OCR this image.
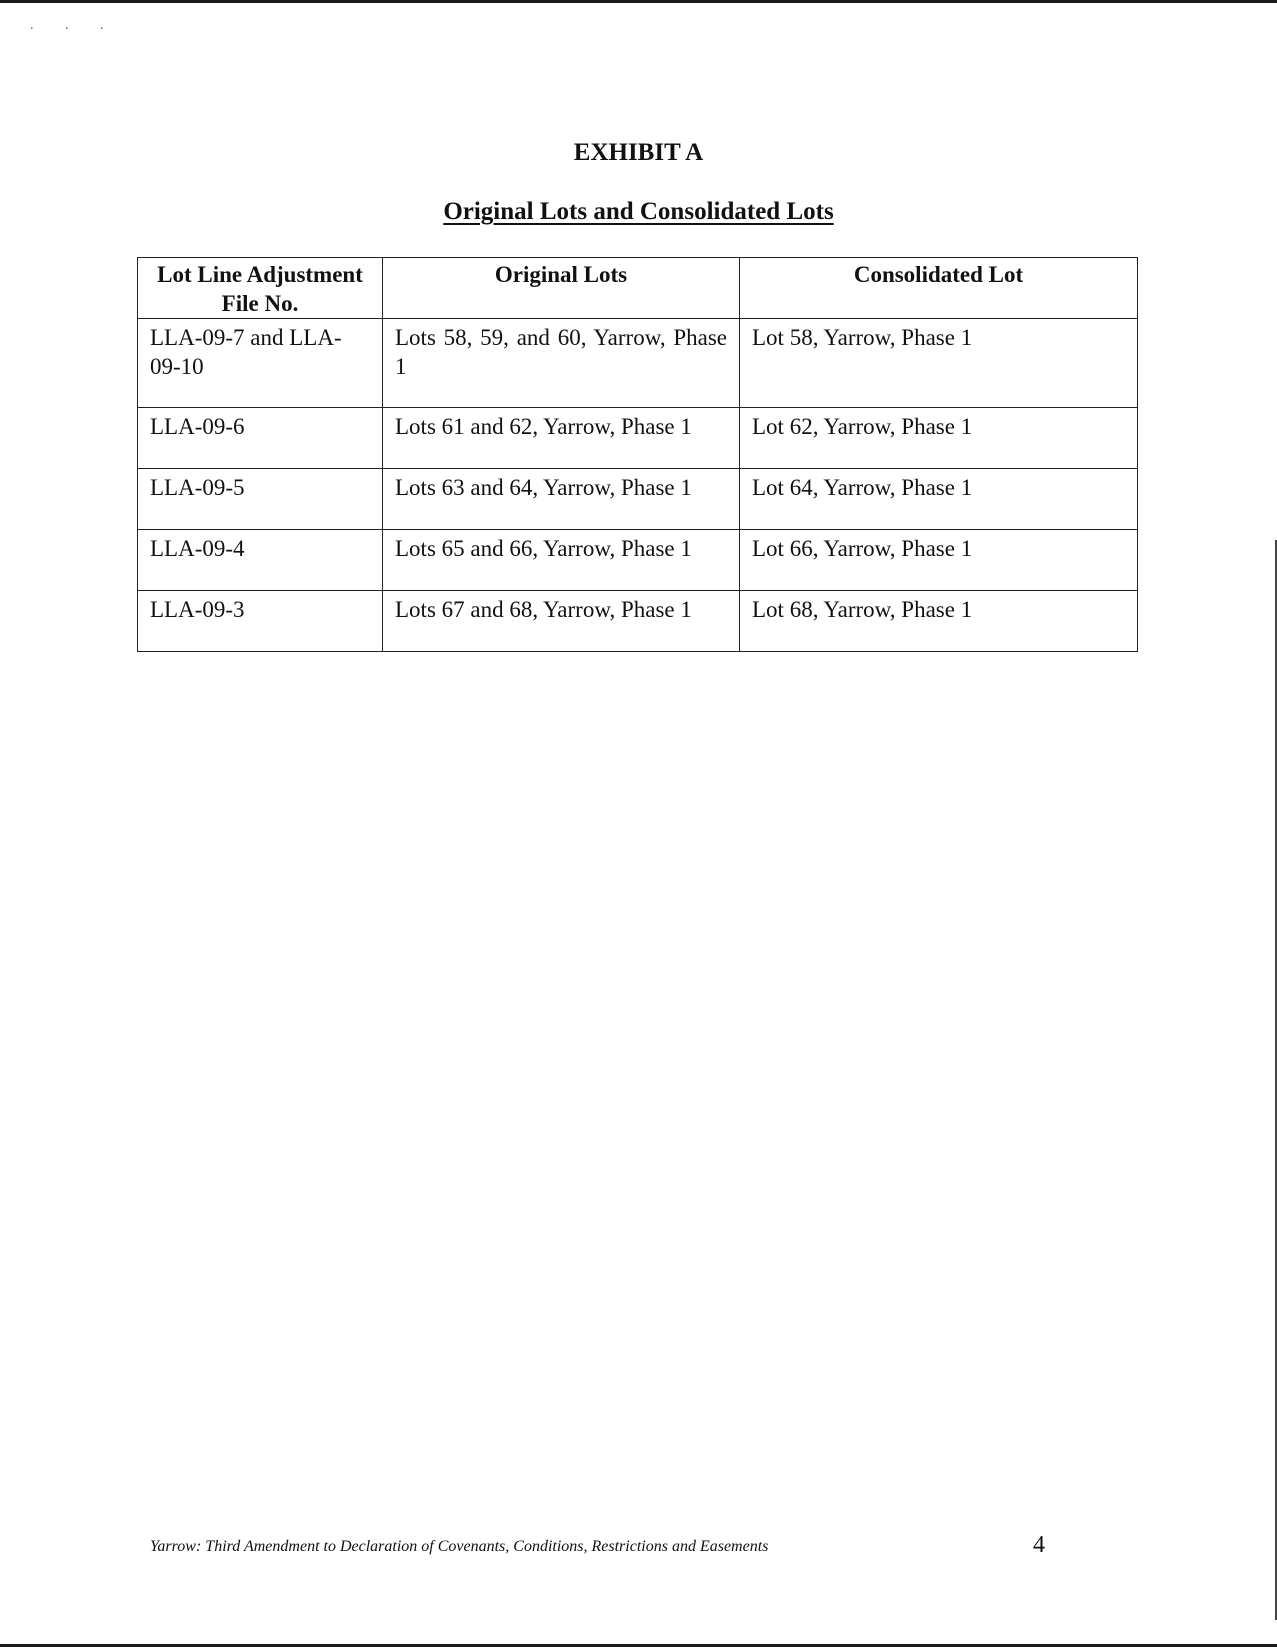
. . .
EXHIBIT A
Original Lots and Consolidated Lots
Lot Line Adjustment File No.	Original Lots	Consolidated Lot
LLA-09-7 and LLA-09-10	Lots 58, 59, and 60, Yarrow, Phase 1	Lot 58, Yarrow, Phase 1
LLA-09-6	Lots 61 and 62, Yarrow, Phase 1	Lot 62, Yarrow, Phase 1
LLA-09-5	Lots 63 and 64, Yarrow, Phase 1	Lot 64, Yarrow, Phase 1
LLA-09-4	Lots 65 and 66, Yarrow, Phase 1	Lot 66, Yarrow, Phase 1
LLA-09-3	Lots 67 and 68, Yarrow, Phase 1	Lot 68, Yarrow, Phase 1
Yarrow: Third Amendment to Declaration of Covenants, Conditions, Restrictions and Easements	4
